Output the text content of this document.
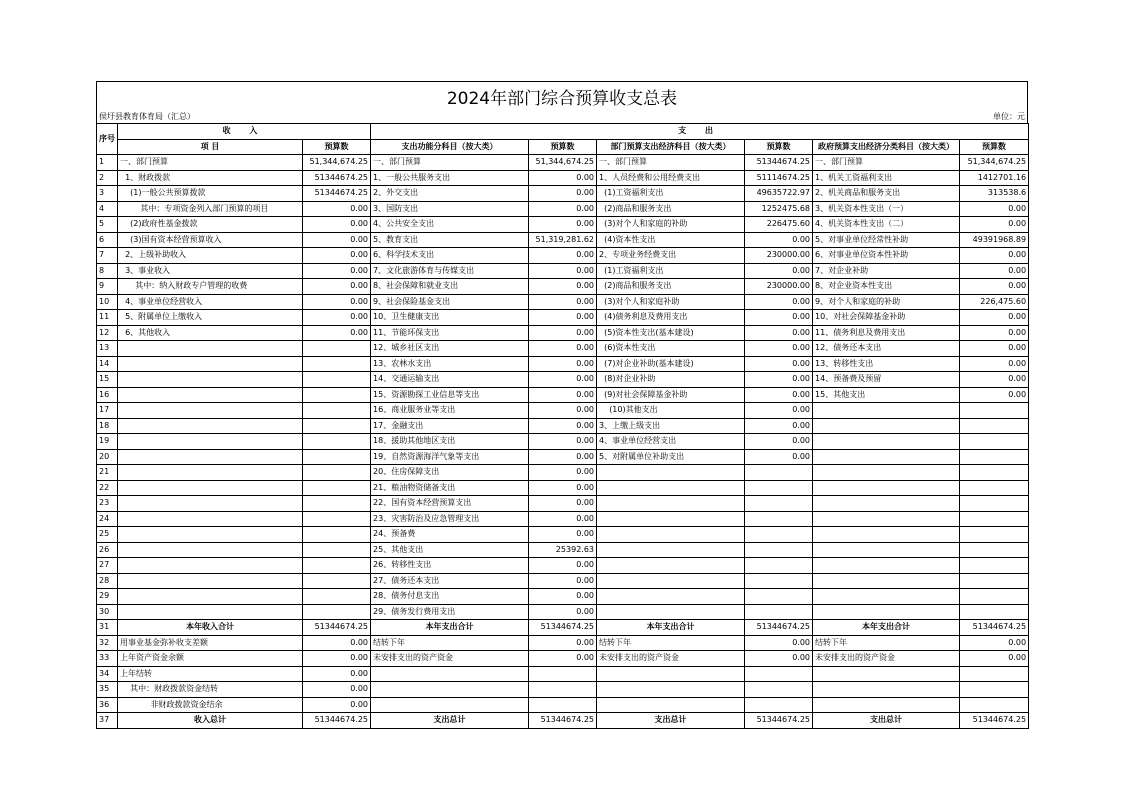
2024年部门综合预算收支总表
侯圩县教育体育局（汇总）	单位：元
序号	收 入		支 出					
	项 目	预算数	支出功能分科目（按大类）	预算数	部门预算支出经济科目（按大类）	预算数	政府预算支出经济分类科目（按大类）	预算数
1	一、部门预算	51,344,674.25	一、部门预算	51,344,674.25	一、部门预算	51344674.25	一、部门预算	51,344,674.25
2	1、财政拨款	51344674.25	1、一般公共服务支出	0.00	1、人员经费和公用经费支出	51114674.25	1、机关工资福利支出	1412701.16
3	(1)一般公共预算拨款	51344674.25	2、外交支出	0.00	(1)工资福利支出	49635722.97	2、机关商品和服务支出	313538.6
4	其中：专项资金列入部门预算的项目	0.00	3、国防支出	0.00	(2)商品和服务支出	1252475.68	3、机关资本性支出（一）	0.00
5	(2)政府性基金拨款	0.00	4、公共安全支出	0.00	(3)对个人和家庭的补助	226475.60	4、机关资本性支出（二）	0.00
6	(3)国有资本经营预算收入	0.00	5、教育支出	51,319,281.62	(4)资本性支出	0.00	5、对事业单位经常性补助	49391968.89
7	2、上级补助收入	0.00	6、科学技术支出	0.00	2、专项业务经费支出	230000.00	6、对事业单位资本性补助	0.00
8	3、事业收入	0.00	7、文化旅游体育与传媒支出	0.00	(1)工资福利支出	0.00	7、对企业补助	0.00
9	其中：纳入财政专户管理的收费	0.00	8、社会保障和就业支出	0.00	(2)商品和服务支出	230000.00	8、对企业资本性支出	0.00
10	4、事业单位经营收入	0.00	9、社会保险基金支出	0.00	(3)对个人和家庭补助	0.00	9、对个人和家庭的补助	226,475.60
11	5、附属单位上缴收入	0.00	10、卫生健康支出	0.00	(4)债务利息及费用支出	0.00	10、对社会保障基金补助	0.00
12	6、其他收入	0.00	11、节能环保支出	0.00	(5)资本性支出(基本建设)	0.00	11、债务利息及费用支出	0.00
13			12、城乡社区支出	0.00	(6)资本性支出	0.00	12、债务还本支出	0.00
14			13、农林水支出	0.00	(7)对企业补助(基本建设)	0.00	13、转移性支出	0.00
15			14、交通运输支出	0.00	(8)对企业补助	0.00	14、预备费及预留	0.00
16			15、资源勘探工业信息等支出	0.00	(9)对社会保障基金补助	0.00	15、其他支出	0.00
17			16、商业服务业等支出	0.00	(10)其他支出	0.00		
18			17、金融支出	0.00	3、上缴上级支出	0.00		
19			18、援助其他地区支出	0.00	4、事业单位经营支出	0.00		
20			19、自然资源海洋气象等支出	0.00	5、对附属单位补助支出	0.00		
21			20、住房保障支出	0.00				
22			21、粮油物资储备支出	0.00				
23			22、国有资本经营预算支出	0.00				
24			23、灾害防治及应急管理支出	0.00				
25			24、预备费	0.00				
26			25、其他支出	25392.63				
27			26、转移性支出	0.00				
28			27、债务还本支出	0.00				
29			28、债务付息支出	0.00				
30			29、债务发行费用支出	0.00				
31	本年收入合计	51344674.25	本年支出合计	51344674.25	本年支出合计	51344674.25	本年支出合计	51344674.25
32	用事业基金弥补收支差额	0.00	结转下年	0.00	结转下年	0.00	结转下年	0.00
33	上年资产资金余额	0.00	未安排支出的资产资金	0.00	未安排支出的资产资金	0.00	未安排支出的资产资金	0.00
34	上年结转	0.00						
35	其中：财政拨款资金结转	0.00						
36	非财政拨款资金结余	0.00						
37	收入总计	51344674.25	支出总计	51344674.25	支出总计	51344674.25	支出总计	51344674.25
